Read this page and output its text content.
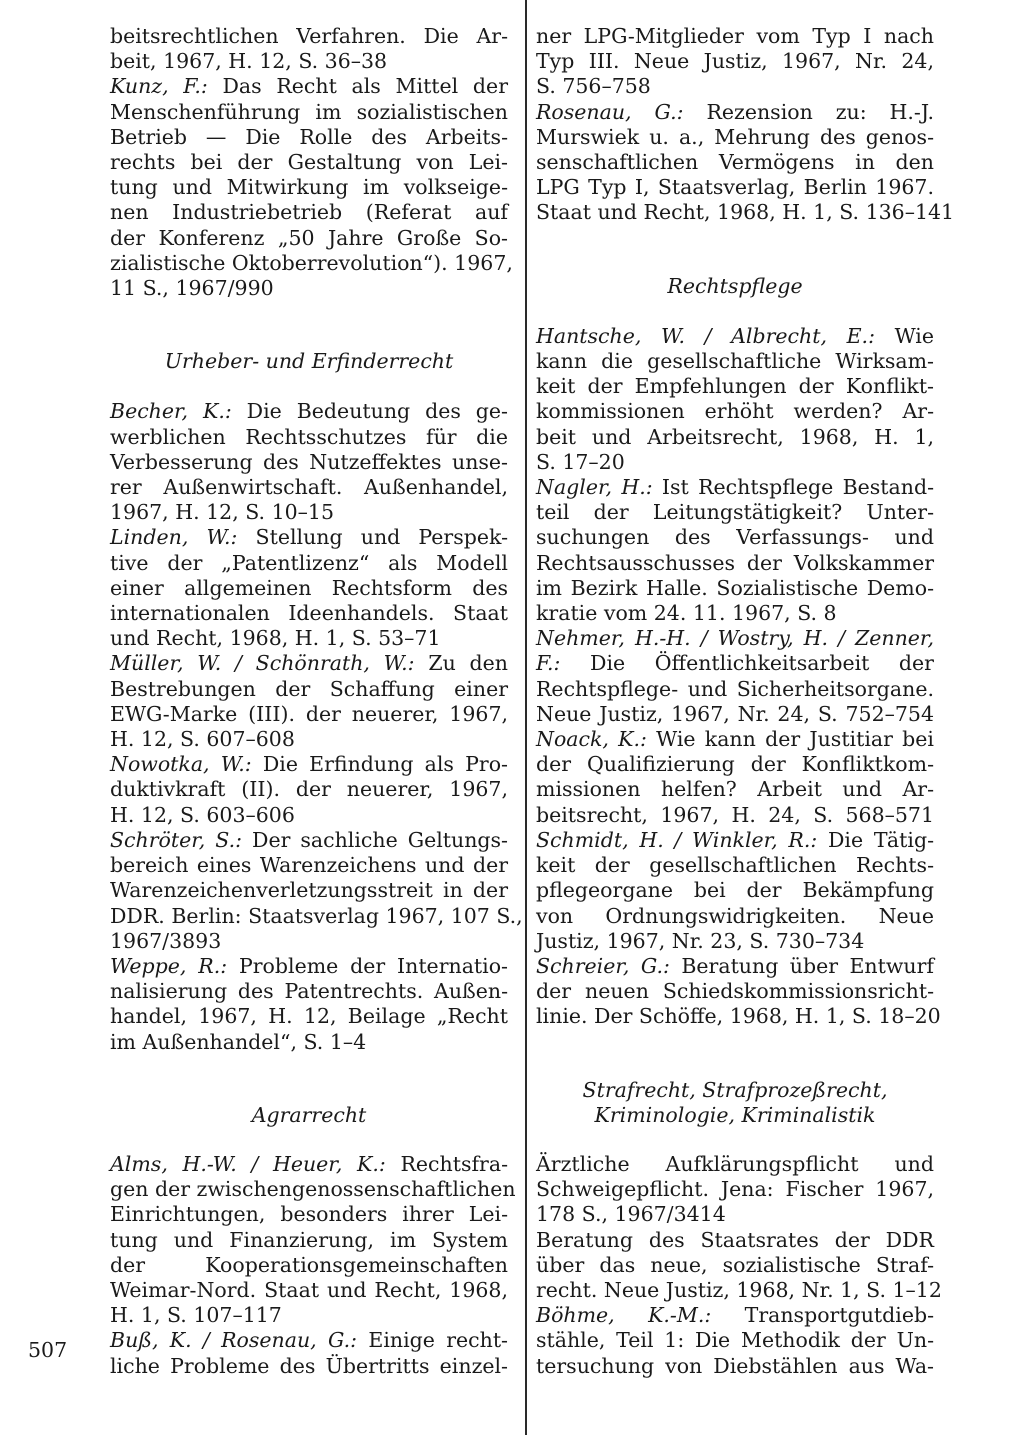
beitsrechtlichen Verfahren. Die Ar-
beit, 1967, H. 12, S. 36–38
Kunz, F.: Das Recht als Mittel der
Menschenführung im sozialistischen
Betrieb — Die Rolle des Arbeits-
rechts bei der Gestaltung von Lei-
tung und Mitwirkung im volkseige-
nen Industriebetrieb (Referat auf
der Konferenz „50 Jahre Große So-
zialistische Oktoberrevolution“). 1967,
11 S., 1967/990
Urheber- und Erfinderrecht
Becher, K.: Die Bedeutung des ge-
werblichen Rechtsschutzes für die
Verbesserung des Nutzeffektes unse-
rer Außenwirtschaft. Außenhandel,
1967, H. 12, S. 10–15
Linden, W.: Stellung und Perspek-
tive der „Patentlizenz“ als Modell
einer allgemeinen Rechtsform des
internationalen Ideenhandels. Staat
und Recht, 1968, H. 1, S. 53–71
Müller, W. / Schönrath, W.: Zu den
Bestrebungen der Schaffung einer
EWG-Marke (III). der neuerer, 1967,
H. 12, S. 607–608
Nowotka, W.: Die Erfindung als Pro-
duktivkraft (II). der neuerer, 1967,
H. 12, S. 603–606
Schröter, S.: Der sachliche Geltungs-
bereich eines Warenzeichens und der
Warenzeichenverletzungsstreit in der
DDR. Berlin: Staatsverlag 1967, 107 S.,
1967/3893
Weppe, R.: Probleme der Internatio-
nalisierung des Patentrechts. Außen-
handel, 1967, H. 12, Beilage „Recht
im Außenhandel“, S. 1–4
Agrarrecht
Alms, H.-W. / Heuer, K.: Rechtsfra-
gen der zwischengenossenschaftlichen
Einrichtungen, besonders ihrer Lei-
tung und Finanzierung, im System
der Kooperationsgemeinschaften
Weimar-Nord. Staat und Recht, 1968,
H. 1, S. 107–117
Buß, K. / Rosenau, G.: Einige recht-
liche Probleme des Übertritts einzel-
507
ner LPG-Mitglieder vom Typ I nach
Typ III. Neue Justiz, 1967, Nr. 24,
S. 756–758
Rosenau, G.: Rezension zu: H.-J.
Murswiek u. a., Mehrung des genos-
senschaftlichen Vermögens in den
LPG Typ I, Staatsverlag, Berlin 1967.
Staat und Recht, 1968, H. 1, S. 136–141
Rechtspflege
Hantsche, W. / Albrecht, E.: Wie
kann die gesellschaftliche Wirksam-
keit der Empfehlungen der Konflikt-
kommissionen erhöht werden? Ar-
beit und Arbeitsrecht, 1968, H. 1,
S. 17–20
Nagler, H.: Ist Rechtspflege Bestand-
teil der Leitungstätigkeit? Unter-
suchungen des Verfassungs- und
Rechtsausschusses der Volkskammer
im Bezirk Halle. Sozialistische Demo-
kratie vom 24. 11. 1967, S. 8
Nehmer, H.-H. / Wostry, H. / Zenner,
F.: Die Öffentlichkeitsarbeit der
Rechtspflege- und Sicherheitsorgane.
Neue Justiz, 1967, Nr. 24, S. 752–754
Noack, K.: Wie kann der Justitiar bei
der Qualifizierung der Konfliktkom-
missionen helfen? Arbeit und Ar-
beitsrecht, 1967, H. 24, S. 568–571
Schmidt, H. / Winkler, R.: Die Tätig-
keit der gesellschaftlichen Rechts-
pflegeorgane bei der Bekämpfung
von Ordnungswidrigkeiten. Neue
Justiz, 1967, Nr. 23, S. 730–734
Schreier, G.: Beratung über Entwurf
der neuen Schiedskommissionsricht-
linie. Der Schöffe, 1968, H. 1, S. 18–20
Strafrecht, Strafprozeßrecht,
Kriminologie, Kriminalistik
Ärztliche Aufklärungspflicht und
Schweigepflicht. Jena: Fischer 1967,
178 S., 1967/3414
Beratung des Staatsrates der DDR
über das neue, sozialistische Straf-
recht. Neue Justiz, 1968, Nr. 1, S. 1–12
Böhme, K.-M.: Transportgutdieb-
stähle, Teil 1: Die Methodik der Un-
tersuchung von Diebstählen aus Wa-
